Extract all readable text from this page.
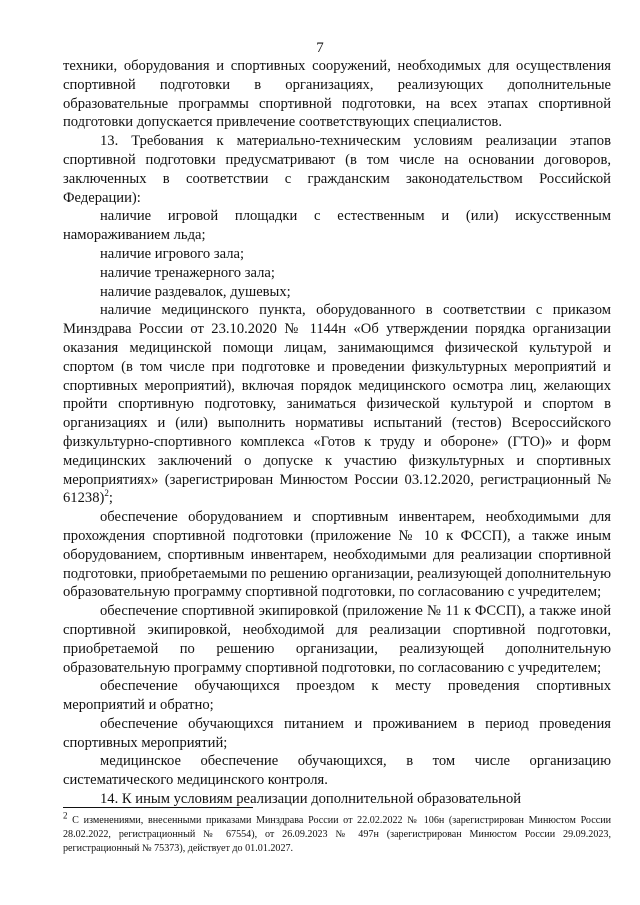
7

техники, оборудования и спортивных сооружений, необходимых для осуществления спортивной подготовки в организациях, реализующих дополнительные образовательные программы спортивной подготовки, на всех этапах спортивной подготовки допускается привлечение соответствующих специалистов.

13. Требования к материально-техническим условиям реализации этапов спортивной подготовки предусматривают (в том числе на основании договоров, заключенных в соответствии с гражданским законодательством Российской Федерации):

наличие игровой площадки с естественным и (или) искусственным намораживанием льда;

наличие игрового зала;

наличие тренажерного зала;

наличие раздевалок, душевых;

наличие медицинского пункта, оборудованного в соответствии с приказом Минздрава России от 23.10.2020 № 1144н «Об утверждении порядка организации оказания медицинской помощи лицам, занимающимся физической культурой и спортом (в том числе при подготовке и проведении физкультурных мероприятий и спортивных мероприятий), включая порядок медицинского осмотра лиц, желающих пройти спортивную подготовку, заниматься физической культурой и спортом в организациях и (или) выполнить нормативы испытаний (тестов) Всероссийского физкультурно-спортивного комплекса «Готов к труду и обороне» (ГТО)» и форм медицинских заключений о допуске к участию физкультурных и спортивных мероприятиях» (зарегистрирован Минюстом России 03.12.2020, регистрационный № 61238)$^2$;

обеспечение оборудованием и спортивным инвентарем, необходимыми для прохождения спортивной подготовки (приложение № 10 к ФССП), а также иным оборудованием, спортивным инвентарем, необходимыми для реализации спортивной подготовки, приобретаемыми по решению организации, реализующей дополнительную образовательную программу спортивной подготовки, по согласованию с учредителем;

обеспечение спортивной экипировкой (приложение № 11 к ФССП), а также иной спортивной экипировкой, необходимой для реализации спортивной подготовки, приобретаемой по решению организации, реализующей дополнительную образовательную программу спортивной подготовки, по согласованию с учредителем;

обеспечение обучающихся проездом к месту проведения спортивных мероприятий и обратно;

обеспечение обучающихся питанием и проживанием в период проведения спортивных мероприятий;

медицинское обеспечение обучающихся, в том числе организацию систематического медицинского контроля.

14. К иным условиям реализации дополнительной образовательной

$^2$ С изменениями, внесенными приказами Минздрава России от 22.02.2022 № 106н (зарегистрирован Минюстом России 28.02.2022, регистрационный № 67554), от 26.09.2023 № 497н (зарегистрирован Минюстом России 29.09.2023, регистрационный № 75373), действует до 01.01.2027.
